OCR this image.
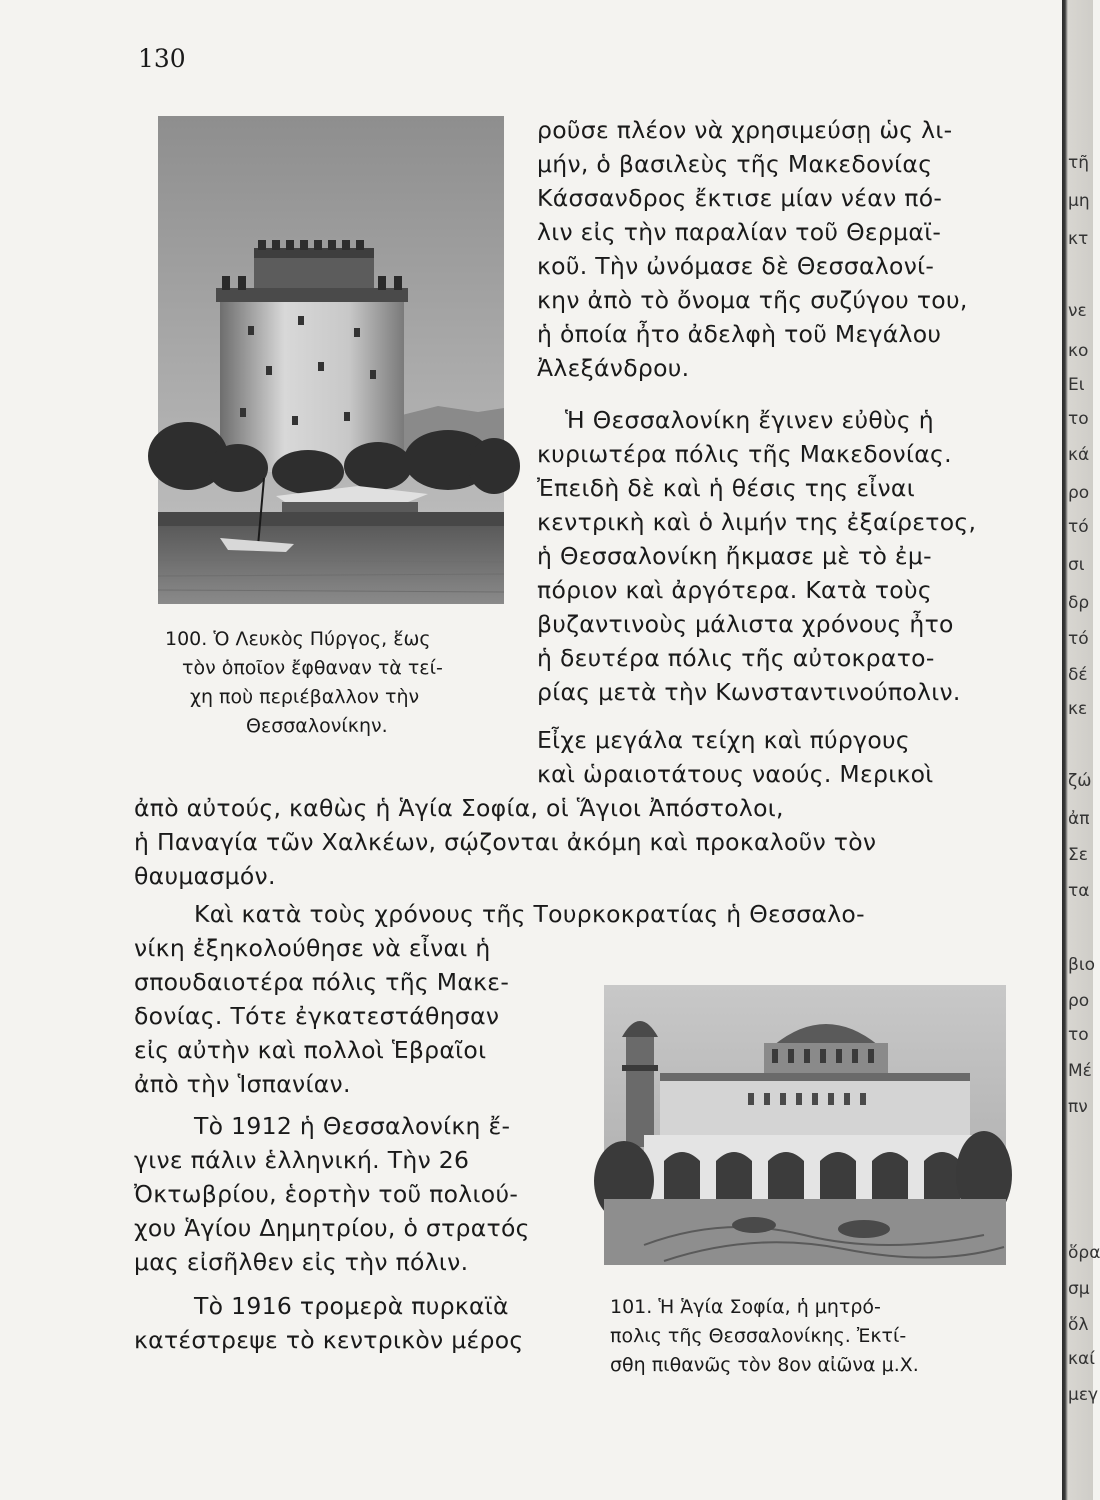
τῆ
μη
κτ
νε
κο
Ει
το
κά
ρο
τό
σι
δρ
τό
δέ
κε
ζώ
ἀπ
Σε
τα
βιο
ρο
το
Μέ
πν
ὅρα
σμ
ὅλ
καί
μεγ
130
100. Ὁ Λευκὸς Πύργος, ἕως
τὸν ὁποῖον ἔφθαναν τὰ τεί-
χη ποὺ περιέβαλλον τὴν
Θεσσαλονίκην.
ροῦσε πλέον νὰ χρησιμεύσῃ ὡς λι-
μήν, ὁ βασιλεὺς τῆς Μακεδονίας
Κάσσανδρος ἔκτισε μίαν νέαν πό-
λιν εἰς τὴν παραλίαν τοῦ Θερμαϊ-
κοῦ. Τὴν ὠνόμασε δὲ Θεσσαλονί-
κην ἀπὸ τὸ ὄνομα τῆς συζύγου του,
ἡ ὁποία ἦτο ἀδελφὴ τοῦ Μεγάλου
Ἀλεξάνδρου.
Ἡ Θεσσαλονίκη ἔγινεν εὐθὺς ἡ
κυριωτέρα πόλις τῆς Μακεδονίας.
Ἐπειδὴ δὲ καὶ ἡ θέσις της εἶναι
κεντρικὴ καὶ ὁ λιμήν της ἐξαίρετος,
ἡ Θεσσαλονίκη ἤκμασε μὲ τὸ ἐμ-
πόριον καὶ ἀργότερα. Κατὰ τοὺς
βυζαντινοὺς μάλιστα χρόνους ἦτο
ἡ δευτέρα πόλις τῆς αὐτοκρατο-
ρίας μετὰ τὴν Κωνσταντινούπολιν.
Εἶχε μεγάλα τείχη καὶ πύργους
καὶ ὡραιοτάτους ναούς. Μερικοὶ
ἀπὸ αὐτούς, καθὼς ἡ Ἁγία Σοφία, οἱ Ἅγιοι Ἀπόστολοι,
ἡ Παναγία τῶν Χαλκέων, σῴζονται ἀκόμη καὶ προκαλοῦν τὸν
θαυμασμόν.
Καὶ κατὰ τοὺς χρόνους τῆς Τουρκοκρατίας ἡ Θεσσαλο-
νίκη ἐξηκολούθησε νὰ εἶναι ἡ
σπουδαιοτέρα πόλις τῆς Μακε-
δονίας. Τότε ἐγκατεστάθησαν
εἰς αὐτὴν καὶ πολλοὶ Ἑβραῖοι
ἀπὸ τὴν Ἱσπανίαν.
Τὸ 1912 ἡ Θεσσαλονίκη ἔ-
γινε πάλιν ἑλληνική. Τὴν 26
Ὀκτωβρίου, ἑορτὴν τοῦ πολιού-
χου Ἁγίου Δημητρίου, ὁ στρατός
μας εἰσῆλθεν εἰς τὴν πόλιν.
Τὸ 1916 τρομερὰ πυρκαϊὰ
κατέστρεψε τὸ κεντρικὸν μέρος
101. Ἡ Ἁγία Σοφία, ἡ μητρό-
πολις τῆς Θεσσαλονίκης. Ἐκτί-
σθη πιθανῶς τὸν 8ον αἰῶνα μ.Χ.
